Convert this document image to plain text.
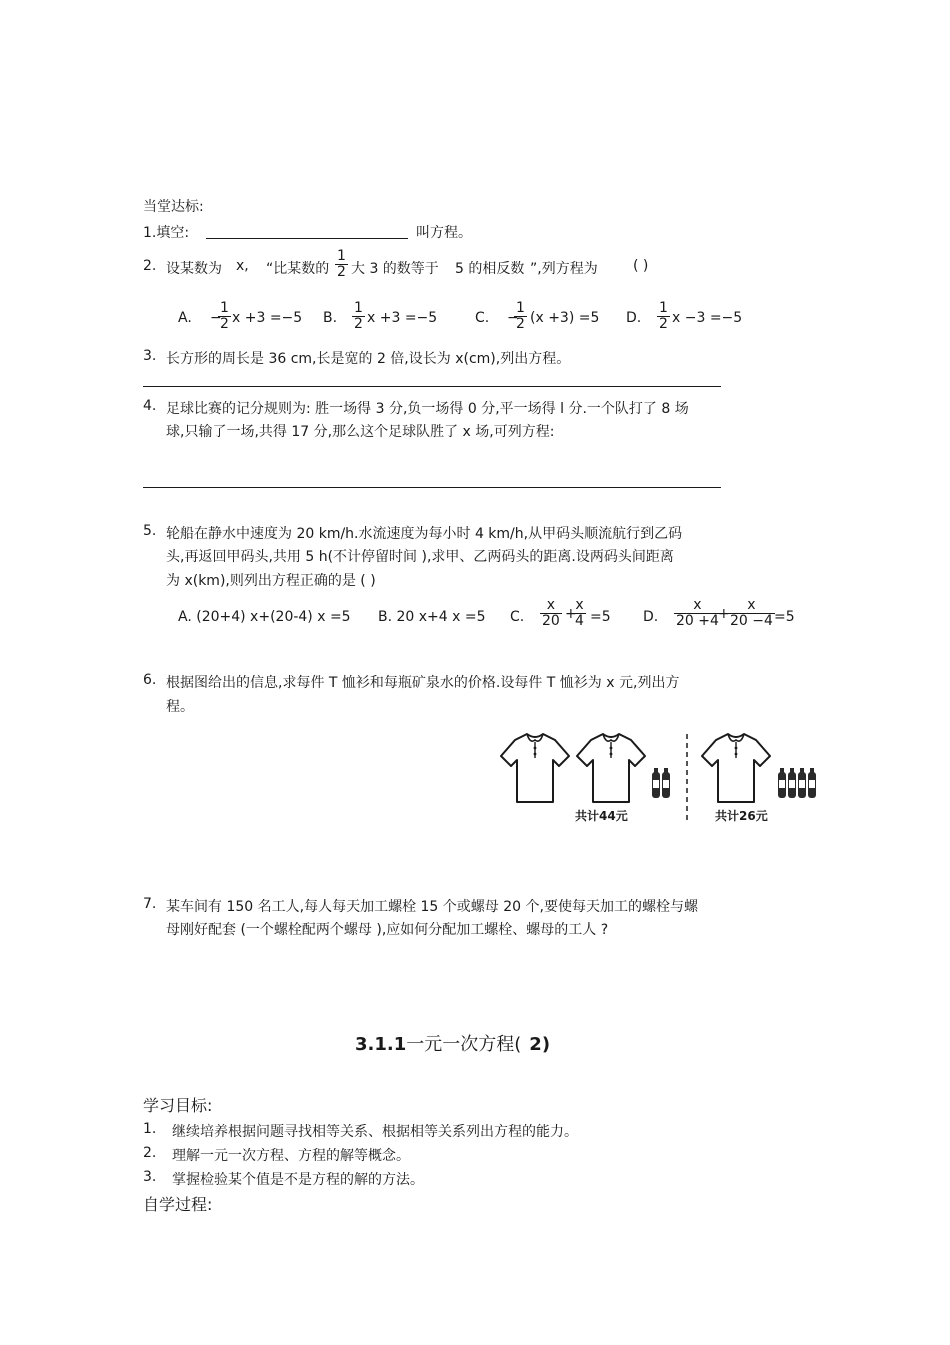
当堂达标:
1.填空:	叫方程。
2. 设某数为 x, “比某数的 $\frac{1}{2}$ 大 3 的数等于 5 的相反数 ”,列方程为	( )
A. −
$\frac{1}{2}$ x +3 =−5 B. $\frac{1}{2}$ x +3 =−5	C. −
$\frac{1}{2} (x +3) =5$ D. $\frac{1}{2}$ x −3 =−5
3. 长方形的周长是 36 cm,长是宽的 2 倍,设长为 x(cm),列出方程。
4. 足球比赛的记分规则为: 胜一场得 3 分,负一场得 0 分,平一场得 l 分.一个队打了 8 场
球,只输了一场,共得 17 分,那么这个足球队胜了 x 场,可列方程:
5. 轮船在静水中速度为 20 km/h.水流速度为每小时 4 km/h,从甲码头顺流航行到乙码
头,再返回甲码头,共用 5 h(不计停留时间 ),求甲、乙两码头的距离.设两码头间距离
为 x(km),则列出方程正确的是 ( )
A. (20+4) x+(20-4) x =5 B. 20 x+4 x =5 C. $\frac{x}{20}$ +
$\frac{x}{4} =5$ D. $\frac{x}{20 +4}$
+
$\frac{x}{20 -4} =5$
6. 根据图给出的信息,求每件 T 恤衫和每瓶矿泉水的价格.设每件 T 恤衫为 x 元,列出方
程。
共计44元	共计26元
7. 某车间有 150 名工人,每人每天加工螺栓 15 个或螺母 20 个,要使每天加工的螺栓与螺
母刚好配套 (一个螺栓配两个螺母 ),应如何分配加工螺栓、螺母的工人 ?
3.1.1一元一次方程( 2)
学习目标:
1. 继续培养根据问题寻找相等关系、根据相等关系列出方程的能力。
2. 理解一元一次方程、方程的解等概念。
3. 掌握检验某个值是不是方程的解的方法。
自学过程:
